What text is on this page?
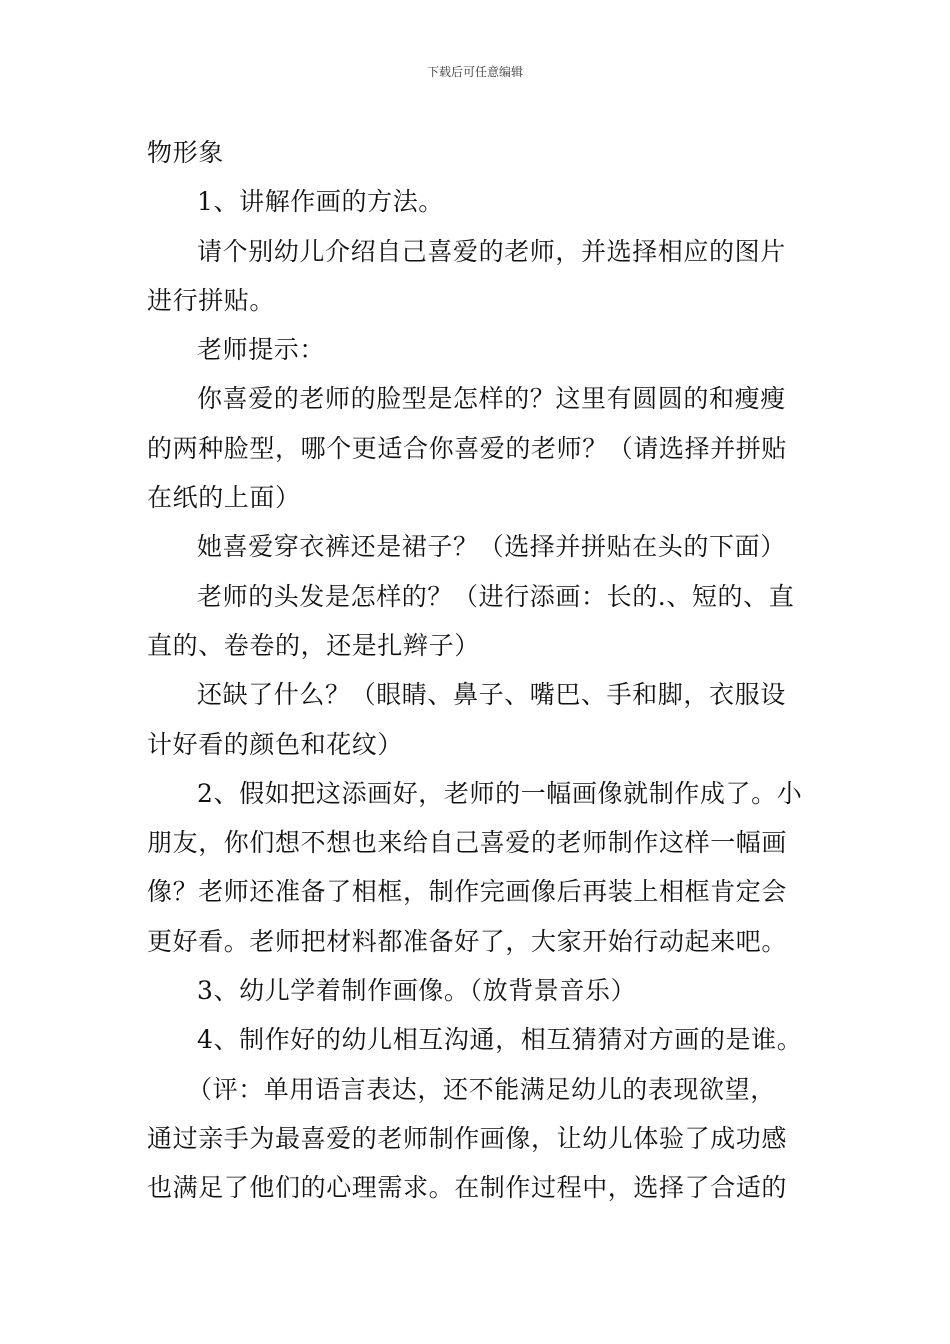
下载后可任意编辑
物形象
1、讲解作画的方法。
请个别幼儿介绍自己喜爱的老师，并选择相应的图片
进行拼贴。
老师提示：
你喜爱的老师的脸型是怎样的？这里有圆圆的和瘦瘦
的两种脸型，哪个更适合你喜爱的老师？（请选择并拼贴
在纸的上面）
她喜爱穿衣裤还是裙子？（选择并拼贴在头的下面）
老师的头发是怎样的？（进行添画：长的.、短的、直
直的、卷卷的，还是扎辫子）
还缺了什么？（眼睛、鼻子、嘴巴、手和脚，衣服设
计好看的颜色和花纹）
2、假如把这添画好，老师的一幅画像就制作成了。小
朋友，你们想不想也来给自己喜爱的老师制作这样一幅画
像？老师还准备了相框，制作完画像后再装上相框肯定会
更好看。老师把材料都准备好了，大家开始行动起来吧。
3、幼儿学着制作画像。（放背景音乐）
4、制作好的幼儿相互沟通，相互猜猜对方画的是谁。
（评：单用语言表达，还不能满足幼儿的表现欲望，
通过亲手为最喜爱的老师制作画像，让幼儿体验了成功感
也满足了他们的心理需求。在制作过程中，选择了合适的
